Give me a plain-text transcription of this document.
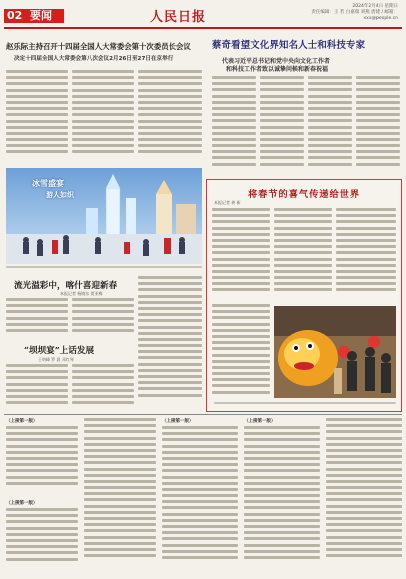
02 要闻	人民日报
2024年2月4日 星期日
责任编辑：王 若 白嘉瑞 刘燕 唐建 / 邮箱：xxx@people.cn
赵乐际主持召开十四届全国人大常委会第十次委员长会议
决定十四届全国人大常委会第八次会议2月26日至27日在京举行
蔡奇看望文化界知名人士和科技专家
代表习近平总书记和党中央向文化工作者
和科技工作者致以诚挚问候和新春祝福
冰雪盛宴
游人如织	将春节的喜气传递给世界
本报记者 龚 新
流光溢彩中，喀什喜迎新春
本报记者 杨晓东 贾亚梅
“坝坝宴”上话发展
王明峰 罗 晨 邓红琴
（上接第一版）
（上接第一版）
（上接第一版）	（上接第一版）
